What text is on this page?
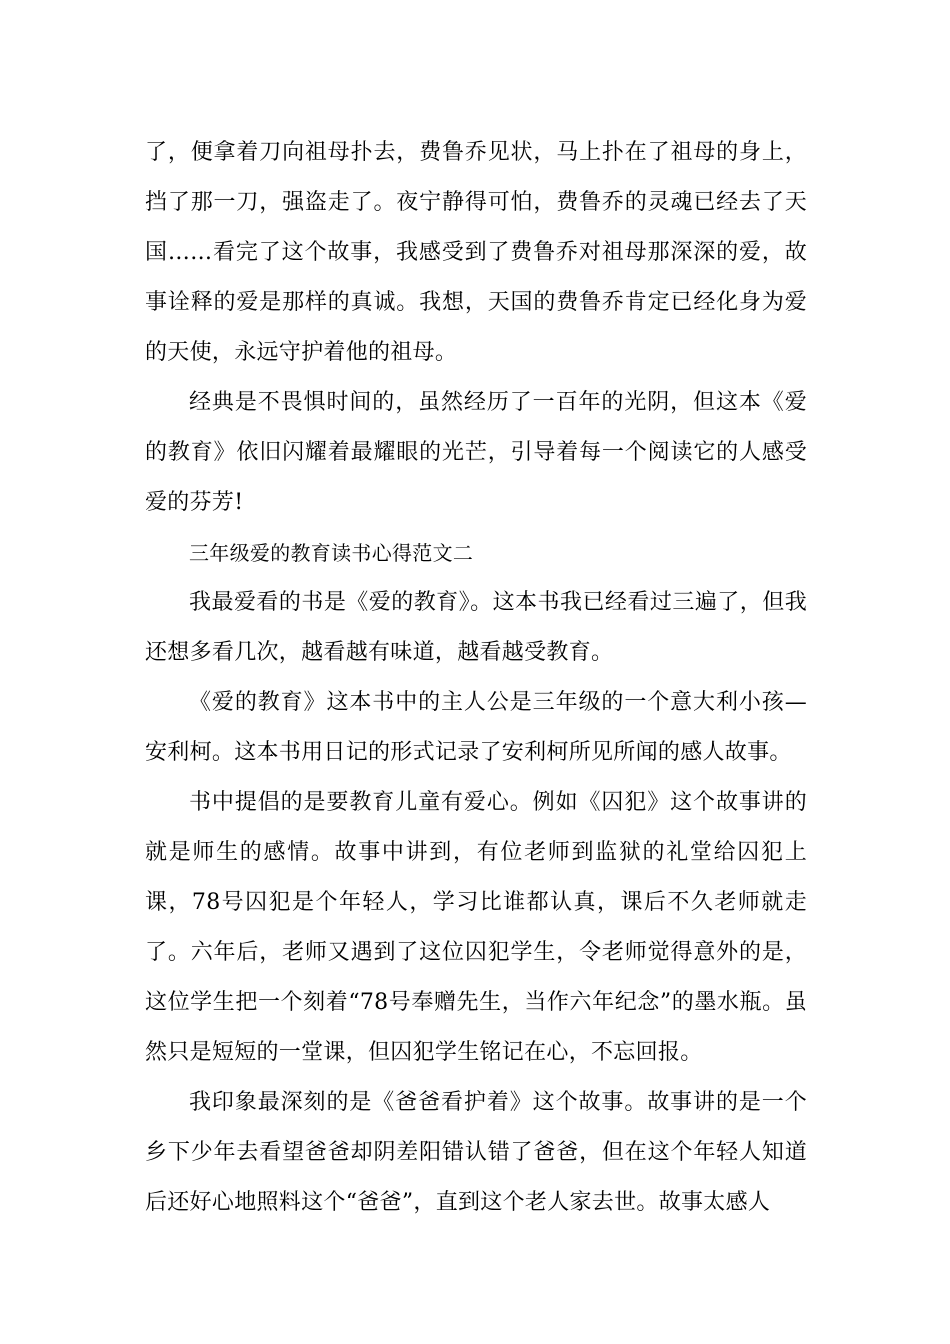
了，便拿着刀向祖母扑去，费鲁乔见状，马上扑在了祖母的身上，挡了那一刀，强盗走了。夜宁静得可怕，费鲁乔的灵魂已经去了天国……看完了这个故事，我感受到了费鲁乔对祖母那深深的爱，故事诠释的爱是那样的真诚。我想，天国的费鲁乔肯定已经化身为爱的天使，永远守护着他的祖母。

经典是不畏惧时间的，虽然经历了一百年的光阴，但这本《爱的教育》依旧闪耀着最耀眼的光芒，引导着每一个阅读它的人感受爱的芬芳!

三年级爱的教育读书心得范文二

我最爱看的书是《爱的教育》。这本书我已经看过三遍了，但我还想多看几次，越看越有味道，越看越受教育。

《爱的教育》这本书中的主人公是三年级的一个意大利小孩—安利柯。这本书用日记的形式记录了安利柯所见所闻的感人故事。

书中提倡的是要教育儿童有爱心。例如《囚犯》这个故事讲的就是师生的感情。故事中讲到，有位老师到监狱的礼堂给囚犯上课，78号囚犯是个年轻人，学习比谁都认真，课后不久老师就走了。六年后，老师又遇到了这位囚犯学生，令老师觉得意外的是，这位学生把一个刻着“78号奉赠先生，当作六年纪念”的墨水瓶。虽然只是短短的一堂课，但囚犯学生铭记在心，不忘回报。

我印象最深刻的是《爸爸看护着》这个故事。故事讲的是一个乡下少年去看望爸爸却阴差阳错认错了爸爸，但在这个年轻人知道后还好心地照料这个“爸爸”，直到这个老人家去世。故事太感人
